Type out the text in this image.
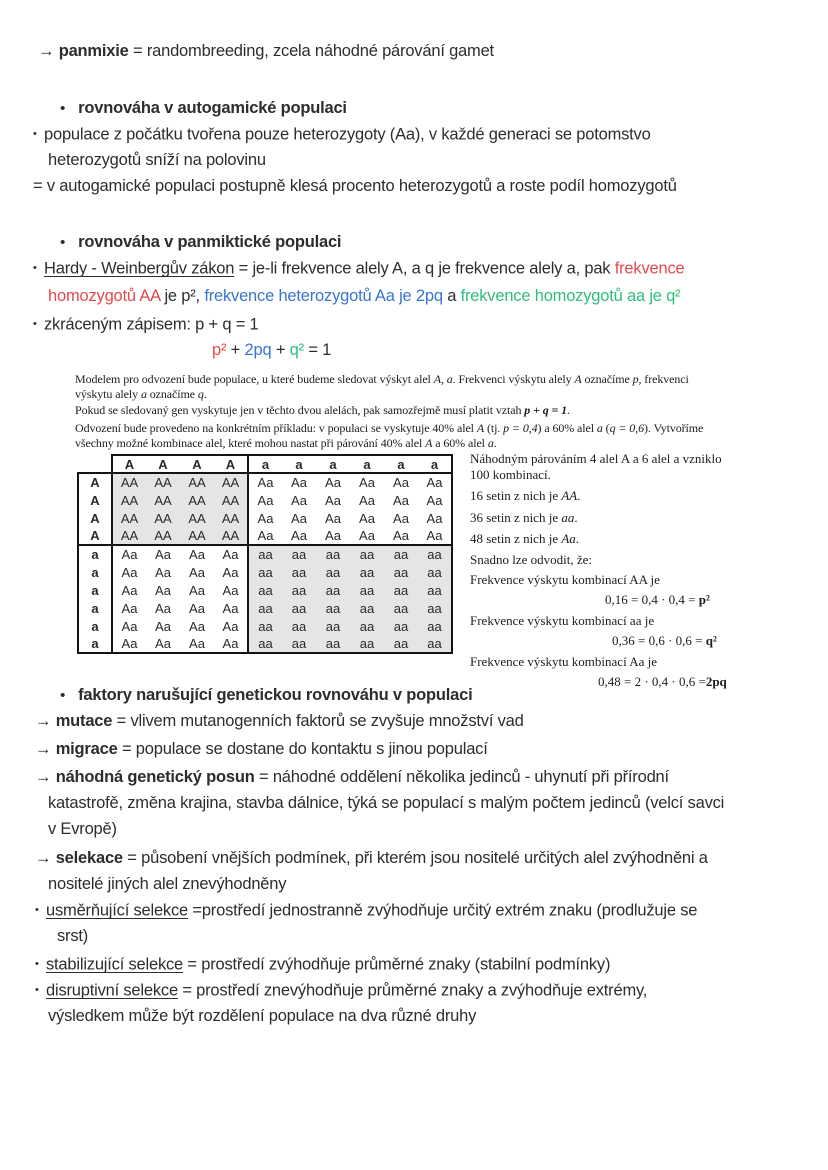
→ panmixie = randombreeding, zcela náhodné párování gamet
• rovnováha v autogamické populaci
• populace z počátku tvořena pouze heterozygoty (Aa), v každé generaci se potomstvo
heterozygotů sníží na polovinu
= v autogamické populaci postupně klesá procento heterozygotů a roste podíl homozygotů
• rovnováha v panmiktické populaci
• Hardy - Weinbergův zákon = je-li frekvence alely A, a q je frekvence alely a, pak frekvence
homozygotů AA je p², frekvence heterozygotů Aa je 2pq a frekvence homozygotů aa je q²
• zkráceným zápisem: p + q = 1
p² + 2pq + q² = 1
Modelem pro odvození bude populace, u které budeme sledovat výskyt alel A, a. Frekvenci výskytu alely A označíme p, frekvenci
výskytu alely a označíme q.
Pokud se sledovaný gen vyskytuje jen v těchto dvou alelách, pak samozřejmě musí platit vztah p + q = 1.
Odvození bude provedeno na konkrétním příkladu: v populaci se vyskytuje 40% alel A (tj. p = 0,4) a 60% alel a (q = 0,6). Vytvoříme
všechny možné kombinace alel, které mohou nastat při párování 40% alel A a 60% alel a.
	A	A	A	A	a	a	a	a	a	a
A	AA	AA	AA	AA	Aa	Aa	Aa	Aa	Aa	Aa
A	AA	AA	AA	AA	Aa	Aa	Aa	Aa	Aa	Aa
A	AA	AA	AA	AA	Aa	Aa	Aa	Aa	Aa	Aa
A	AA	AA	AA	AA	Aa	Aa	Aa	Aa	Aa	Aa
a	Aa	Aa	Aa	Aa	aa	aa	aa	aa	aa	aa
a	Aa	Aa	Aa	Aa	aa	aa	aa	aa	aa	aa
a	Aa	Aa	Aa	Aa	aa	aa	aa	aa	aa	aa
a	Aa	Aa	Aa	Aa	aa	aa	aa	aa	aa	aa
a	Aa	Aa	Aa	Aa	aa	aa	aa	aa	aa	aa
a	Aa	Aa	Aa	Aa	aa	aa	aa	aa	aa	aa
Náhodným párováním 4 alel A a 6 alel a vzniklo
100 kombinací.
16 setin z nich je AA.
36 setin z nich je aa.
48 setin z nich je Aa.
Snadno lze odvodit, že:
Frekvence výskytu kombinací AA je
0,16 = 0,4 · 0,4 = p²
Frekvence výskytu kombinací aa je
0,36 = 0,6 · 0,6 = q²
Frekvence výskytu kombinací Aa je
0,48 = 2 · 0,4 · 0,6 =2pq
• faktory narušující genetickou rovnováhu v populaci
→ mutace = vlivem mutanogenních faktorů se zvyšuje množství vad
→ migrace = populace se dostane do kontaktu s jinou populací
→ náhodná genetický posun = náhodné oddělení několika jedinců - uhynutí při přírodní
katastrofě, změna krajina, stavba dálnice, týká se populací s malým počtem jedinců (velcí savci
v Evropě)
→ selekace = působení vnějších podmínek, při kterém jsou nositelé určitých alel zvýhodněni a
nositelé jiných alel znevýhodněny
• usměrňující selekce =prostředí jednostranně zvýhodňuje určitý extrém znaku (prodlužuje se
srst)
• stabilizující selekce = prostředí zvýhodňuje průměrné znaky (stabilní podmínky)
• disruptivní selekce = prostředí znevýhodňuje průměrné znaky a zvýhodňuje extrémy,
výsledkem může být rozdělení populace na dva různé druhy
